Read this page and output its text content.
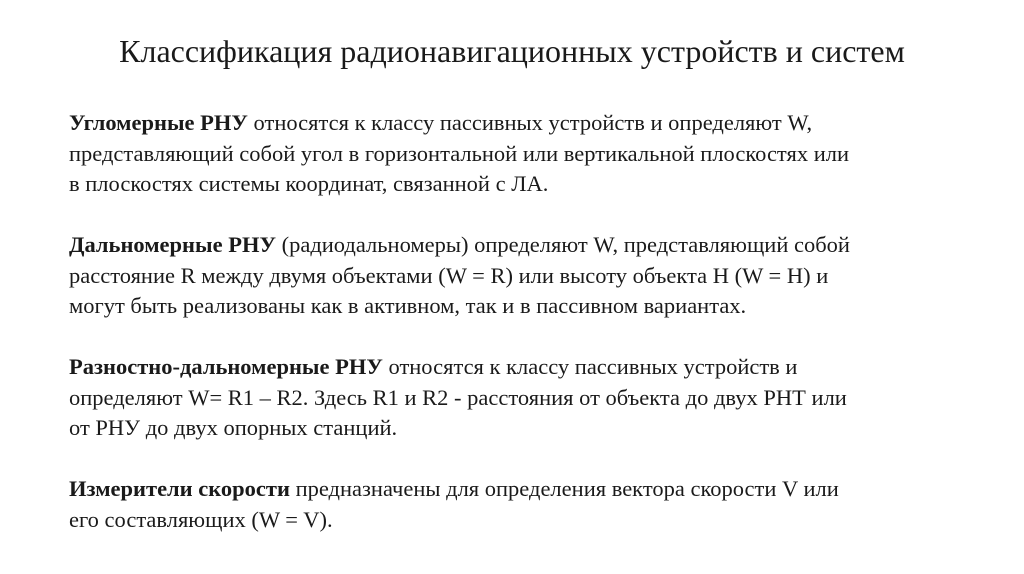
Классификация радионавигационных устройств и систем

Угломерные РНУ относятся к классу пассивных устройств и определяют W,
представляющий собой угол в горизонтальной или вертикальной плоскостях или
в плоскостях системы координат, связанной с ЛА.

Дальномерные РНУ (радиодальномеры) определяют W, представляющий собой
расстояние R между двумя объектами (W = R) или высоту объекта H (W = H) и
могут быть реализованы как в активном, так и в пассивном вариантах.

Разностно-дальномерные РНУ относятся к классу пассивных устройств и
определяют W= R1 – R2. Здесь R1 и R2 - расстояния от объекта до двух РНТ или
от РНУ до двух опорных станций.

Измерители скорости предназначены для определения вектора скорости V или
его составляющих (W = V).
